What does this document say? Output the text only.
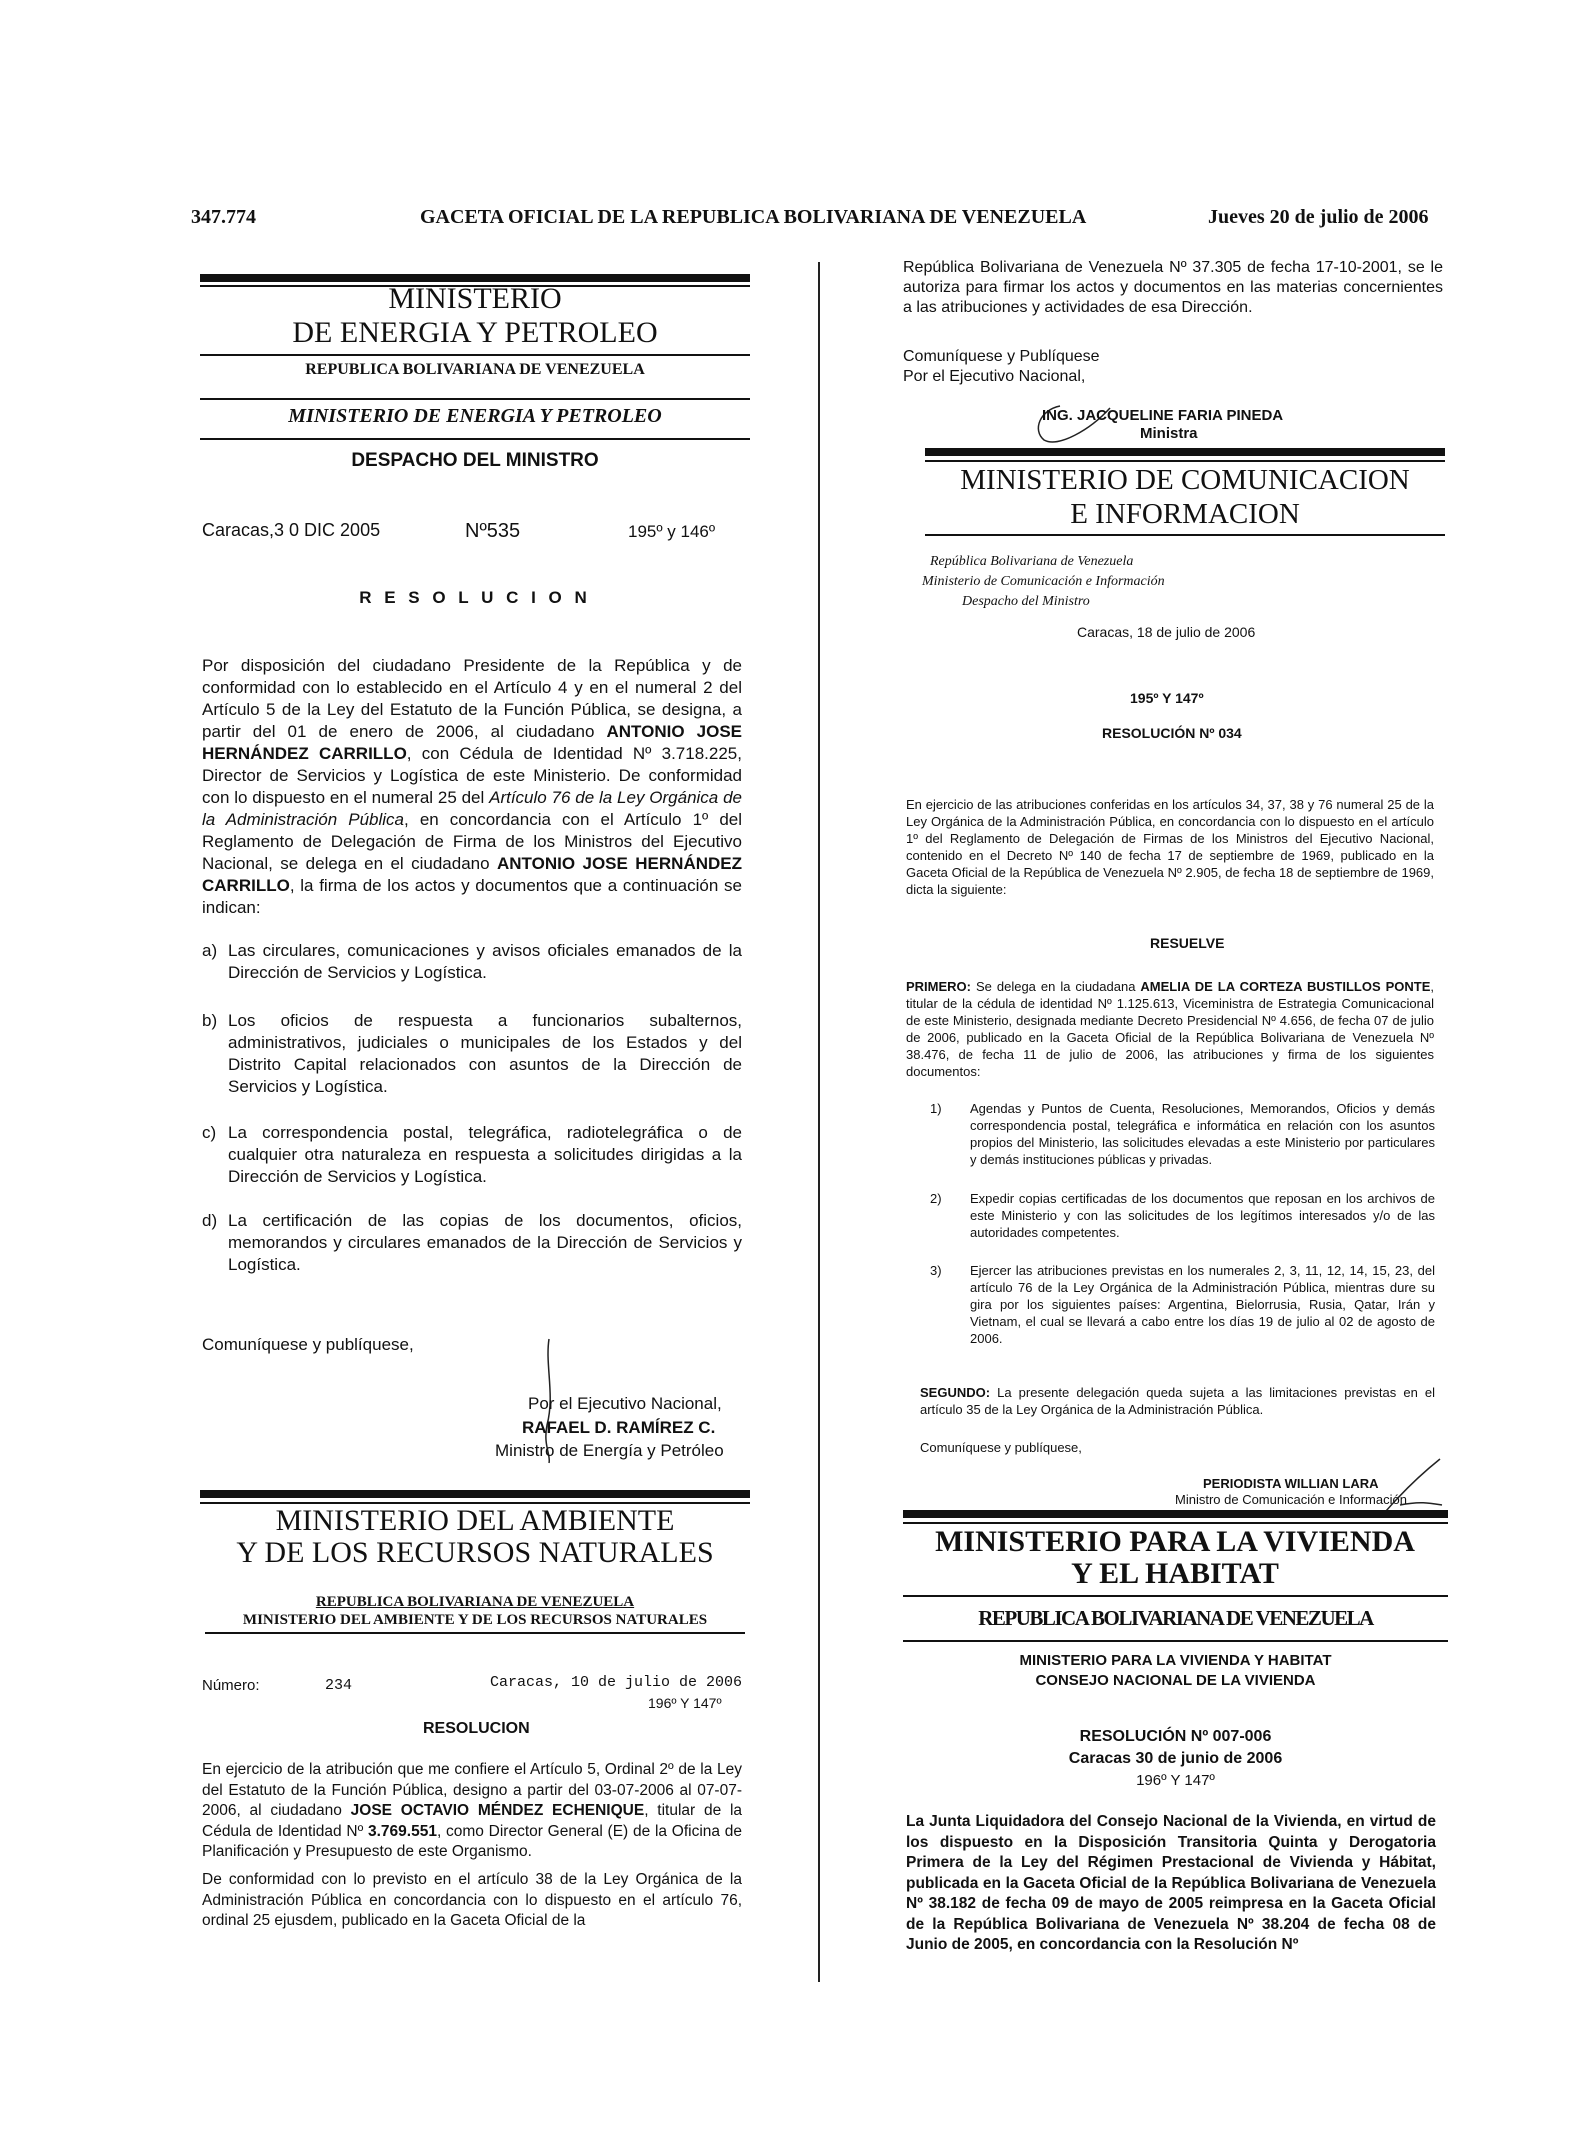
347.774	GACETA OFICIAL DE LA REPUBLICA BOLIVARIANA DE VENEZUELA	Jueves 20 de julio de 2006
MINISTERIO
DE ENERGIA Y PETROLEO
REPUBLICA BOLIVARIANA DE VENEZUELA
MINISTERIO DE ENERGIA Y PETROLEO
DESPACHO DEL MINISTRO
Caracas,3 0 DIC 2005	Nº535	195º y 146º
R E S O L U C I O N
Por disposición del ciudadano Presidente de la República y de conformidad con lo establecido en el Artículo 4 y en el numeral 2 del Artículo 5 de la Ley del Estatuto de la Función Pública, se designa, a partir del 01 de enero de 2006, al ciudadano ANTONIO JOSE HERNÁNDEZ CARRILLO, con Cédula de Identidad Nº 3.718.225, Director de Servicios y Logística de este Ministerio. De conformidad con lo dispuesto en el numeral 25 del Artículo 76 de la Ley Orgánica de la Administración Pública, en concordancia con el Artículo 1º del Reglamento de Delegación de Firma de los Ministros del Ejecutivo Nacional, se delega en el ciudadano ANTONIO JOSE HERNÁNDEZ CARRILLO, la firma de los actos y documentos que a continuación se indican:
a) Las circulares, comunicaciones y avisos oficiales emanados de la Dirección de Servicios y Logística.
b) Los oficios de respuesta a funcionarios subalternos, administrativos, judiciales o municipales de los Estados y del Distrito Capital relacionados con asuntos de la Dirección de Servicios y Logística.
c) La correspondencia postal, telegráfica, radiotelegráfica o de cualquier otra naturaleza en respuesta a solicitudes dirigidas a la Dirección de Servicios y Logística.
d) La certificación de las copias de los documentos, oficios, memorandos y circulares emanados de la Dirección de Servicios y Logística.
Comuníquese y publíquese,
Por el Ejecutivo Nacional,
RAFAEL D. RAMÍREZ C.
Ministro de Energía y Petróleo
MINISTERIO DEL AMBIENTE
Y DE LOS RECURSOS NATURALES
REPUBLICA BOLIVARIANA DE VENEZUELA
MINISTERIO DEL AMBIENTE Y DE LOS RECURSOS NATURALES
Número:	234	Caracas, 10 de julio de 2006
196º Y 147º
RESOLUCION
En ejercicio de la atribución que me confiere el Artículo 5, Ordinal 2º de la Ley del Estatuto de la Función Pública, designo a partir del 03-07-2006 al 07-07-2006, al ciudadano JOSE OCTAVIO MÉNDEZ ECHENIQUE, titular de la Cédula de Identidad Nº 3.769.551, como Director General (E) de la Oficina de Planificación y Presupuesto de este Organismo.
De conformidad con lo previsto en el artículo 38 de la Ley Orgánica de la Administración Pública en concordancia con lo dispuesto en el artículo 76, ordinal 25 ejusdem, publicado en la Gaceta Oficial de la
República Bolivariana de Venezuela Nº 37.305 de fecha 17-10-2001, se le autoriza para firmar los actos y documentos en las materias concernientes a las atribuciones y actividades de esa Dirección.
Comuníquese y Publíquese
Por el Ejecutivo Nacional,
ING. JACQUELINE FARIA PINEDA
Ministra
MINISTERIO DE COMUNICACION
E INFORMACION
República Bolivariana de Venezuela
Ministerio de Comunicación e Información
Despacho del Ministro
Caracas, 18 de julio de 2006
195º Y 147º
RESOLUCIÓN Nº 034
En ejercicio de las atribuciones conferidas en los artículos 34, 37, 38 y 76 numeral 25 de la Ley Orgánica de la Administración Pública, en concordancia con lo dispuesto en el artículo 1º del Reglamento de Delegación de Firmas de los Ministros del Ejecutivo Nacional, contenido en el Decreto Nº 140 de fecha 17 de septiembre de 1969, publicado en la Gaceta Oficial de la República de Venezuela Nº 2.905, de fecha 18 de septiembre de 1969, dicta la siguiente:
RESUELVE
PRIMERO: Se delega en la ciudadana AMELIA DE LA CORTEZA BUSTILLOS PONTE, titular de la cédula de identidad Nº 1.125.613, Viceministra de Estrategia Comunicacional de este Ministerio, designada mediante Decreto Presidencial Nº 4.656, de fecha 07 de julio de 2006, publicado en la Gaceta Oficial de la República Bolivariana de Venezuela Nº 38.476, de fecha 11 de julio de 2006, las atribuciones y firma de los siguientes documentos:
1) Agendas y Puntos de Cuenta, Resoluciones, Memorandos, Oficios y demás correspondencia postal, telegráfica e informática en relación con los asuntos propios del Ministerio, las solicitudes elevadas a este Ministerio por particulares y demás instituciones públicas y privadas.
2) Expedir copias certificadas de los documentos que reposan en los archivos de este Ministerio y con las solicitudes de los legítimos interesados y/o de las autoridades competentes.
3) Ejercer las atribuciones previstas en los numerales 2, 3, 11, 12, 14, 15, 23, del artículo 76 de la Ley Orgánica de la Administración Pública, mientras dure su gira por los siguientes países: Argentina, Bielorrusia, Rusia, Qatar, Irán y Vietnam, el cual se llevará a cabo entre los días 19 de julio al 02 de agosto de 2006.
SEGUNDO: La presente delegación queda sujeta a las limitaciones previstas en el artículo 35 de la Ley Orgánica de la Administración Pública.
Comuníquese y publíquese,
PERIODISTA WILLIAN LARA
Ministro de Comunicación e Información
MINISTERIO PARA LA VIVIENDA
Y EL HABITAT
REPUBLICA BOLIVARIANA DE VENEZUELA
MINISTERIO PARA LA VIVIENDA Y HABITAT
CONSEJO NACIONAL DE LA VIVIENDA
RESOLUCIÓN Nº 007-006
Caracas 30 de junio de 2006
196º Y 147º
La Junta Liquidadora del Consejo Nacional de la Vivienda, en virtud de los dispuesto en la Disposición Transitoria Quinta y Derogatoria Primera de la Ley del Régimen Prestacional de Vivienda y Hábitat, publicada en la Gaceta Oficial de la República Bolivariana de Venezuela Nº 38.182 de fecha 09 de mayo de 2005 reimpresa en la Gaceta Oficial de la República Bolivariana de Venezuela Nº 38.204 de fecha 08 de Junio de 2005, en concordancia con la Resolución Nº
